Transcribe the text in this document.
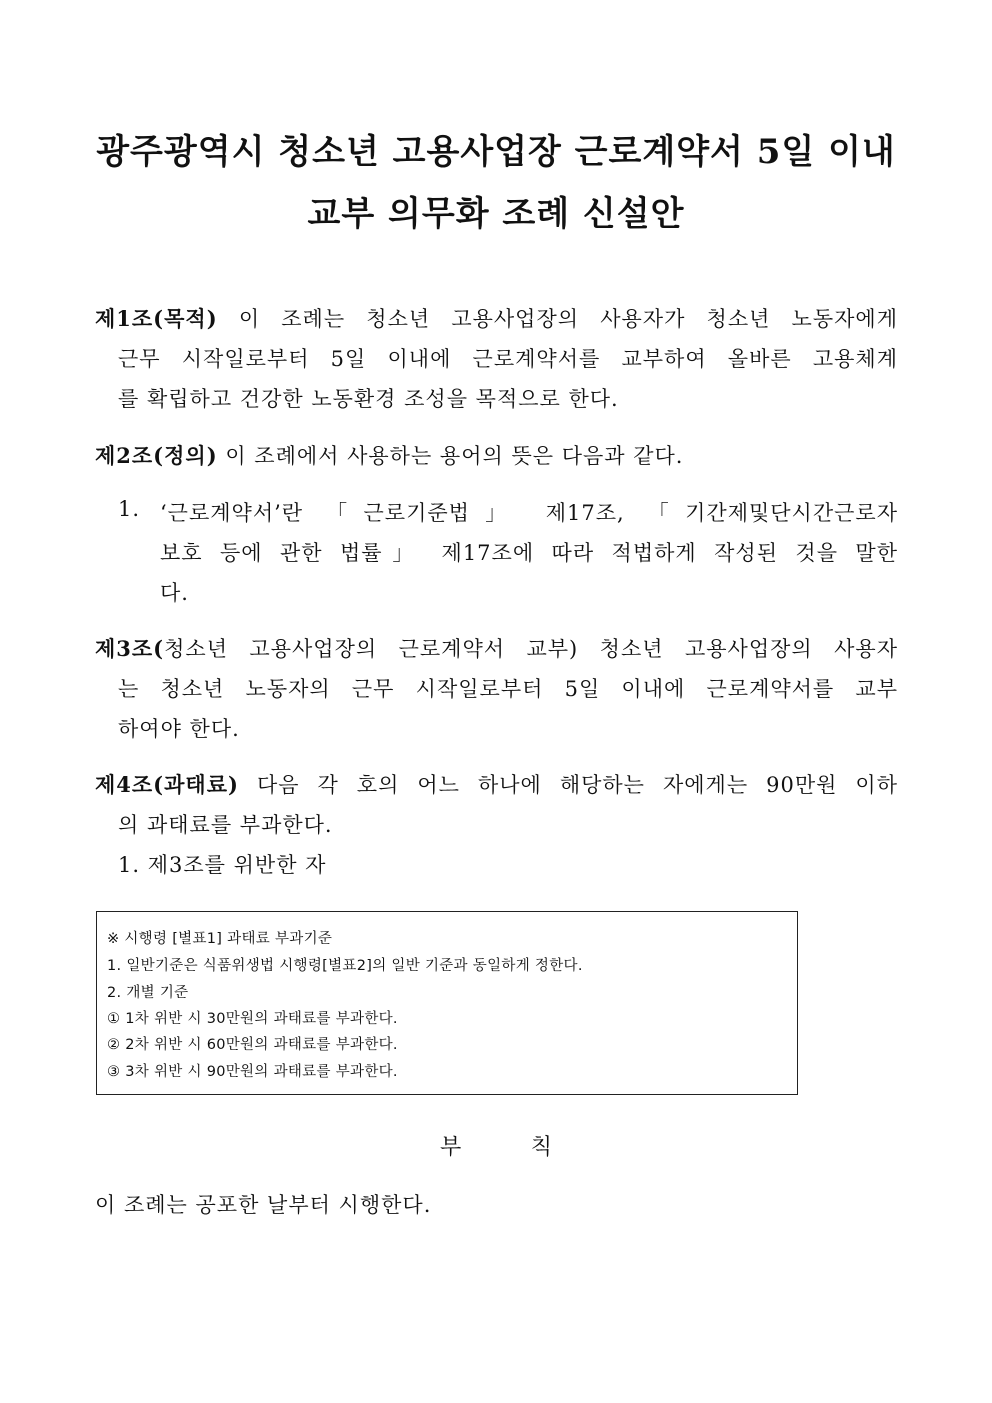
광주광역시 청소년 고용사업장 근로계약서 5일 이내
교부 의무화 조례 신설안
제1조(목적) 이 조례는 청소년 고용사업장의 사용자가 청소년 노동자에게
근무 시작일로부터 5일 이내에 근로계약서를 교부하여 올바른 고용체계
를 확립하고 건강한 노동환경 조성을 목적으로 한다.
제2조(정의) 이 조례에서 사용하는 용어의 뜻은 다음과 같다.
1. ‘근로계약서’란 「근로기준법」 제17조, 「기간제및단시간근로자
보호 등에 관한 법률」 제17조에 따라 적법하게 작성된 것을 말한
다.
제3조(청소년 고용사업장의 근로계약서 교부) 청소년 고용사업장의 사용자
는 청소년 노동자의 근무 시작일로부터 5일 이내에 근로계약서를 교부
하여야 한다.
제4조(과태료) 다음 각 호의 어느 하나에 해당하는 자에게는 90만원 이하
의 과태료를 부과한다.
1. 제3조를 위반한 자
※ 시행령 [별표1] 과태료 부과기준
1. 일반기준은 식품위생법 시행령[별표2]의 일반 기준과 동일하게 정한다.
2. 개별 기준
① 1차 위반 시 30만원의 과태료를 부과한다.
② 2차 위반 시 60만원의 과태료를 부과한다.
③ 3차 위반 시 90만원의 과태료를 부과한다.
부	칙
이 조례는 공포한 날부터 시행한다.
